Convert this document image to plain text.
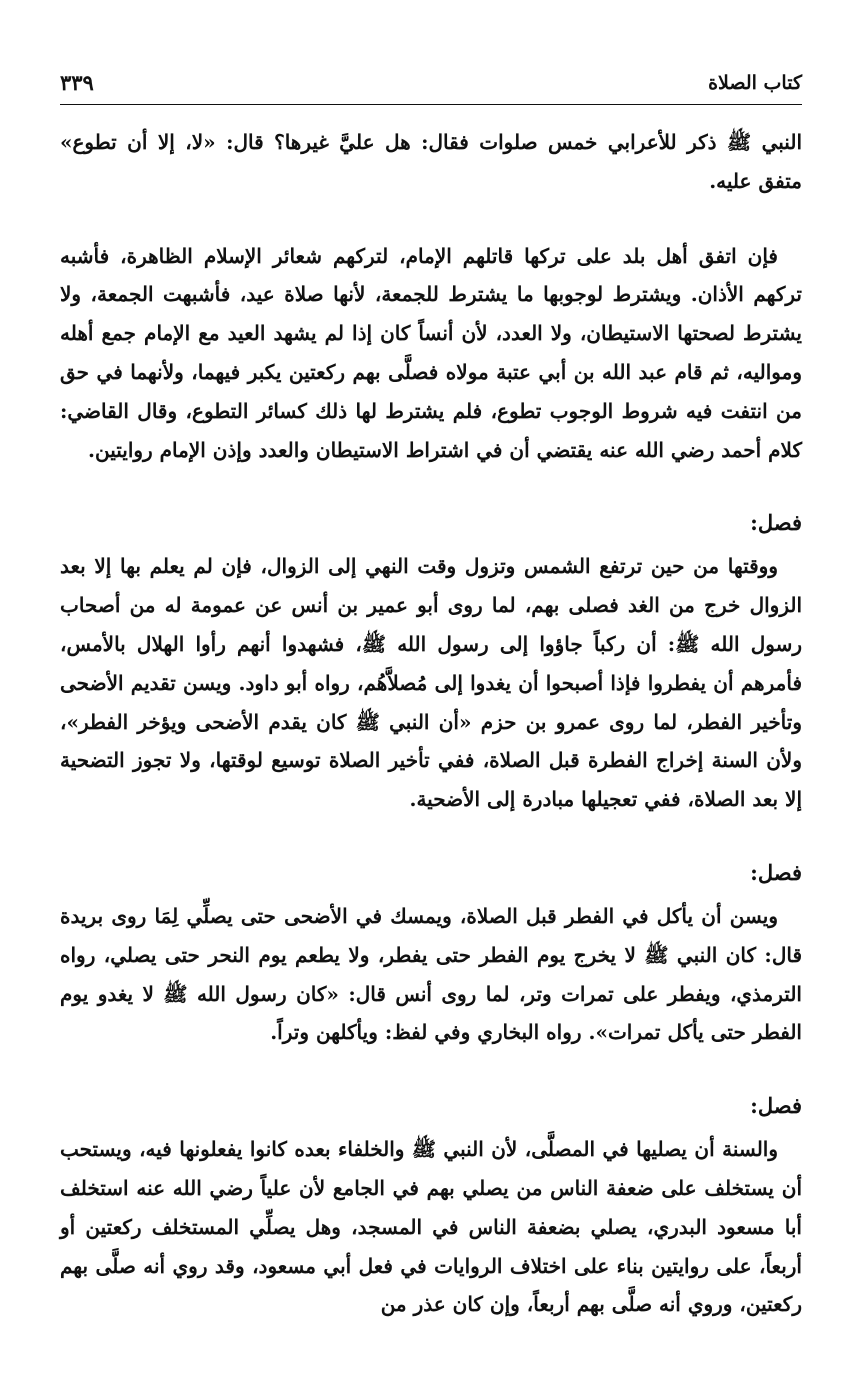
كتاب الصلاة
٣٣٩

النبي ﷺ ذكر للأعرابي خمس صلوات فقال: هل عليَّ غيرها؟ قال: «لا، إلا أن تطوع» متفق عليه.

فإن اتفق أهل بلد على تركها قاتلهم الإمام، لتركهم شعائر الإسلام الظاهرة، فأشبه تركهم الأذان. ويشترط لوجوبها ما يشترط للجمعة، لأنها صلاة عيد، فأشبهت الجمعة، ولا يشترط لصحتها الاستيطان، ولا العدد، لأن أنساً كان إذا لم يشهد العيد مع الإمام جمع أهله ومواليه، ثم قام عبد الله بن أبي عتبة مولاه فصلَّى بهم ركعتين يكبر فيهما، ولأنهما في حق من انتفت فيه شروط الوجوب تطوع، فلم يشترط لها ذلك كسائر التطوع، وقال القاضي: كلام أحمد رضي الله عنه يقتضي أن في اشتراط الاستيطان والعدد وإذن الإمام روايتين.

فصل:

ووقتها من حين ترتفع الشمس وتزول وقت النهي إلى الزوال، فإن لم يعلم بها إلا بعد الزوال خرج من الغد فصلى بهم، لما روى أبو عمير بن أنس عن عمومة له من أصحاب رسول الله ﷺ: أن ركباً جاؤوا إلى رسول الله ﷺ، فشهدوا أنهم رأوا الهلال بالأمس، فأمرهم أن يفطروا فإذا أصبحوا أن يغدوا إلى مُصلاَّهُم، رواه أبو داود. ويسن تقديم الأضحى وتأخير الفطر، لما روى عمرو بن حزم «أن النبي ﷺ كان يقدم الأضحى ويؤخر الفطر»، ولأن السنة إخراج الفطرة قبل الصلاة، ففي تأخير الصلاة توسيع لوقتها، ولا تجوز التضحية إلا بعد الصلاة، ففي تعجيلها مبادرة إلى الأضحية.

فصل:

ويسن أن يأكل في الفطر قبل الصلاة، ويمسك في الأضحى حتى يصلِّي لِمَا روى بريدة قال: كان النبي ﷺ لا يخرج يوم الفطر حتى يفطر، ولا يطعم يوم النحر حتى يصلي، رواه الترمذي، ويفطر على تمرات وتر، لما روى أنس قال: «كان رسول الله ﷺ لا يغدو يوم الفطر حتى يأكل تمرات». رواه البخاري وفي لفظ: ويأكلهن وتراً.

فصل:

والسنة أن يصليها في المصلَّى، لأن النبي ﷺ والخلفاء بعده كانوا يفعلونها فيه، ويستحب أن يستخلف على ضعفة الناس من يصلي بهم في الجامع لأن علياً رضي الله عنه استخلف أبا مسعود البدري، يصلي بضعفة الناس في المسجد، وهل يصلِّي المستخلف ركعتين أو أربعاً، على روايتين بناء على اختلاف الروايات في فعل أبي مسعود، وقد روي أنه صلَّى بهم ركعتين، وروي أنه صلَّى بهم أربعاً، وإن كان عذر من
